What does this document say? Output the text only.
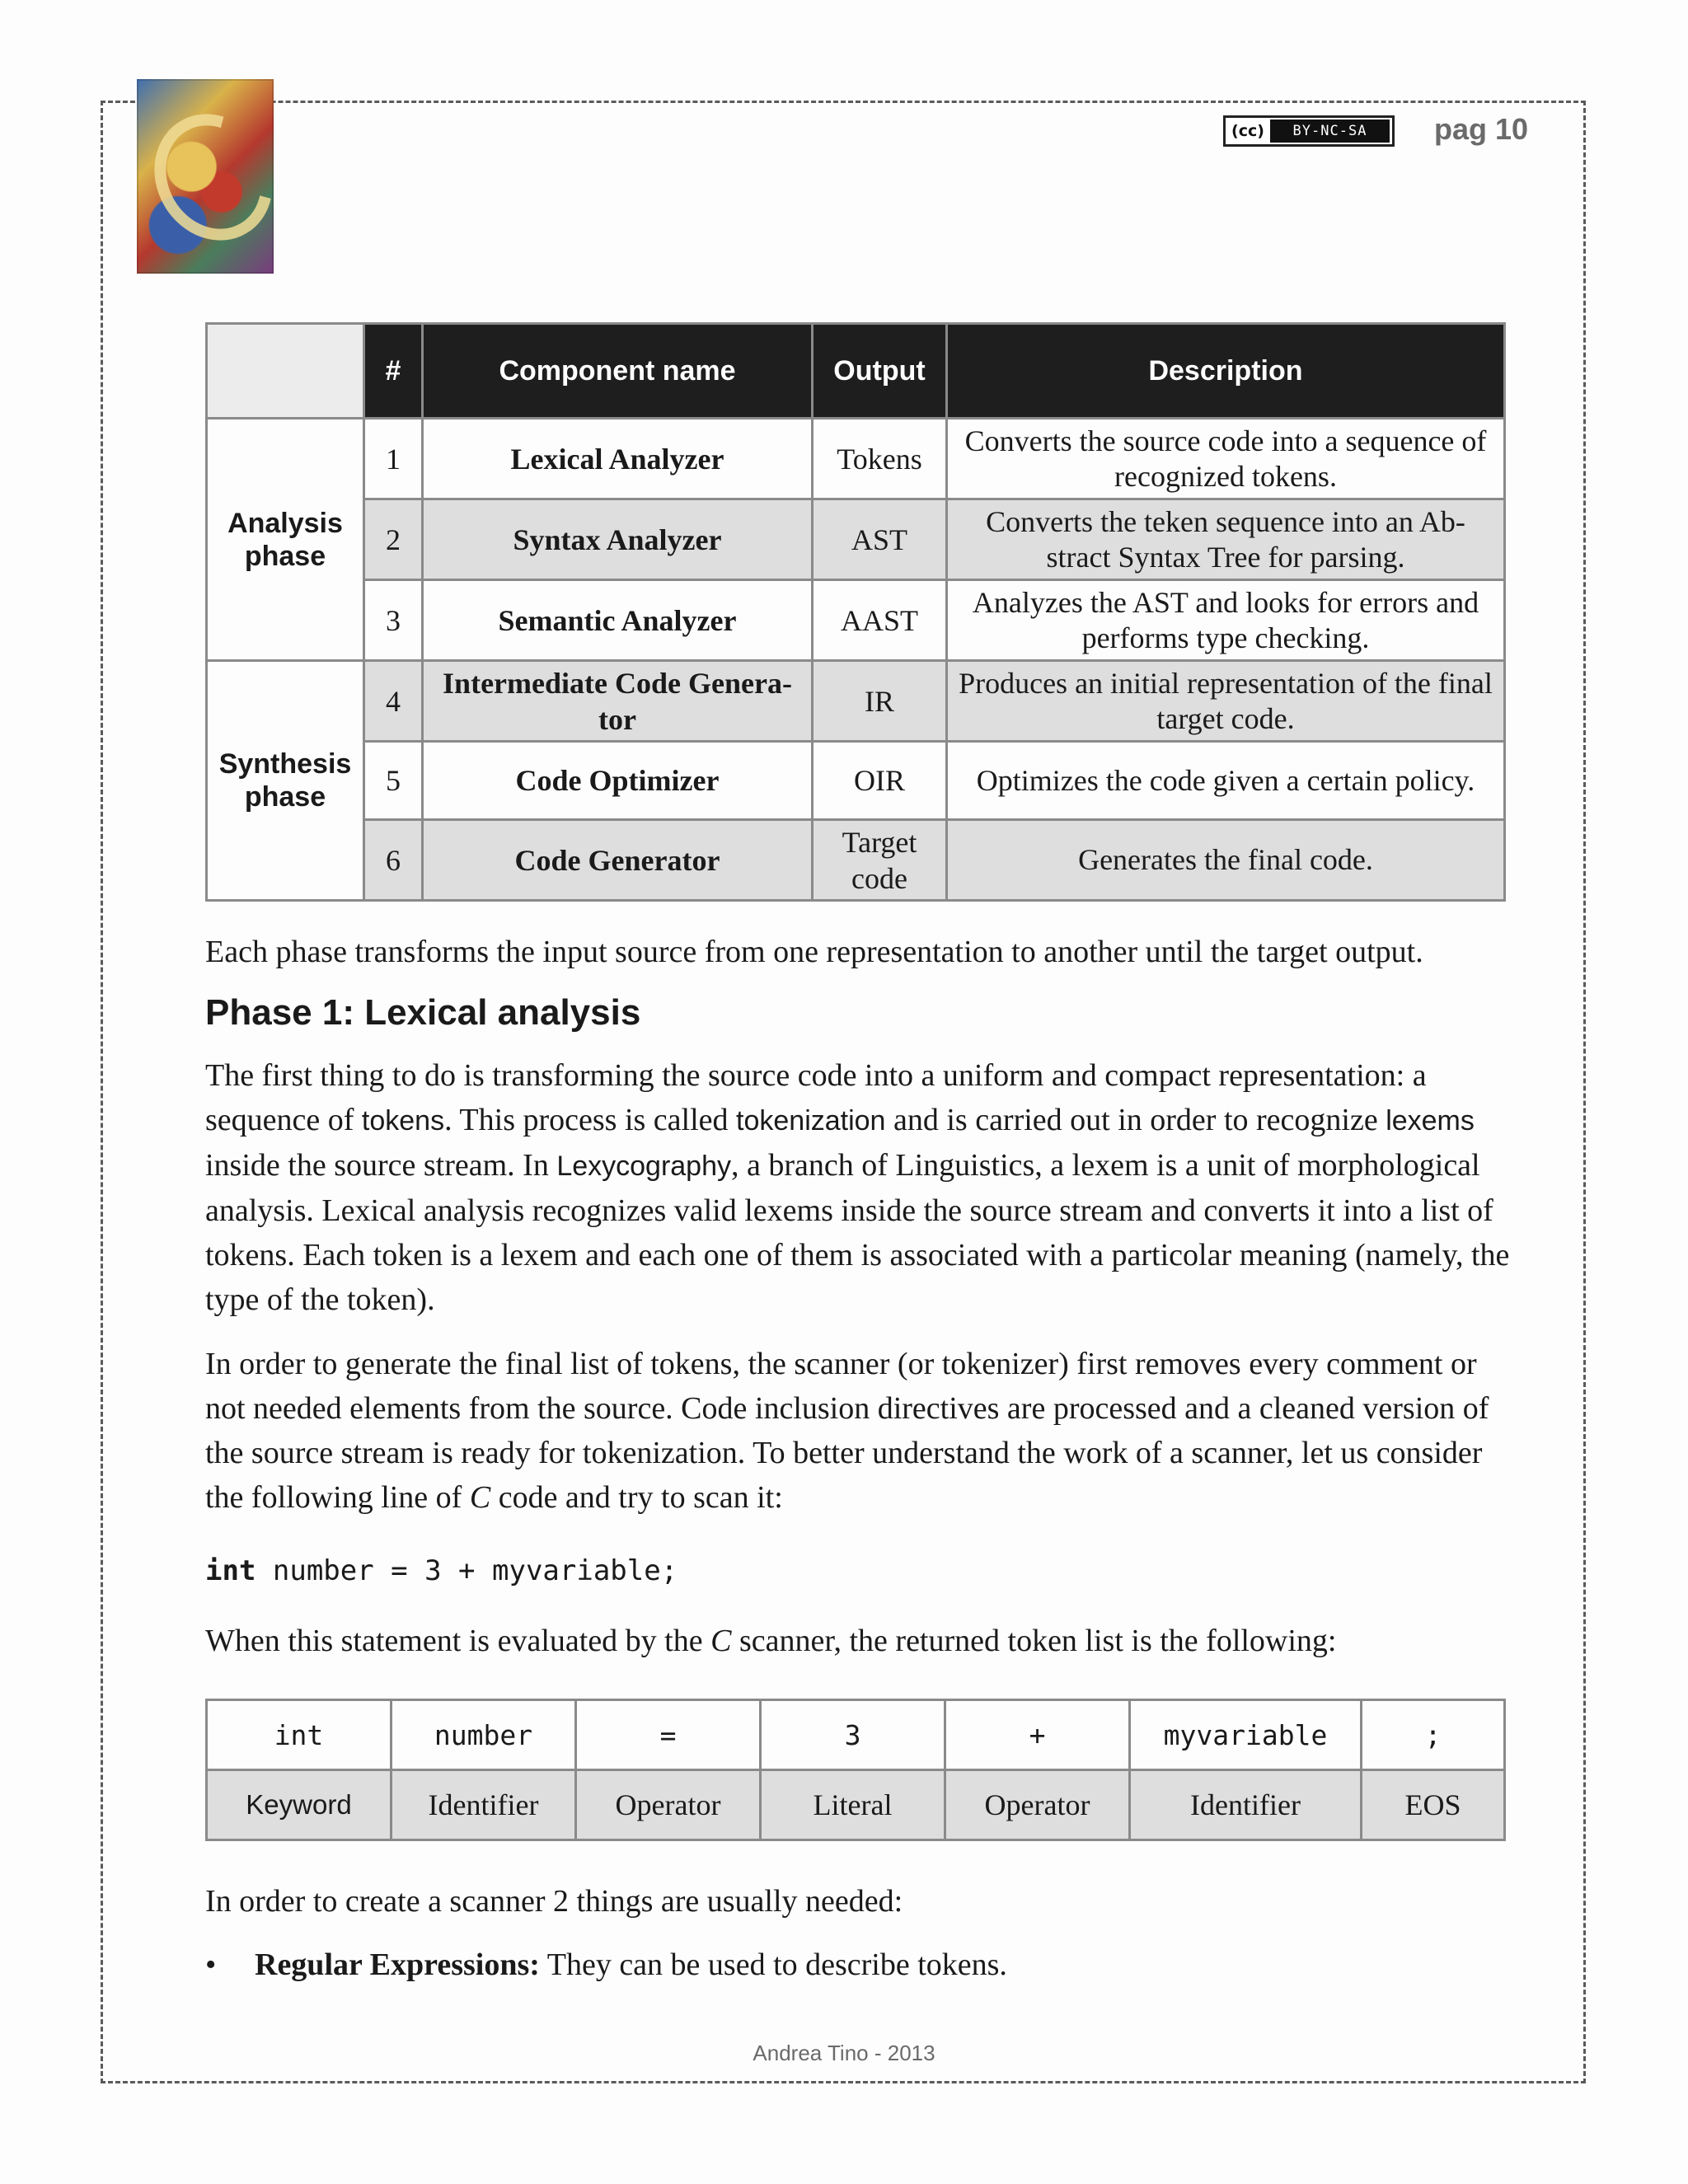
(cc)	BY-NC-SA	pag 10
	#	Component name	Output	Description
Analysis phase	1	Lexical Analyzer	Tokens	Converts the source code into a sequence of recognized tokens.
	2	Syntax Analyzer	AST	Converts the teken sequence into an Ab-stract Syntax Tree for parsing.
	3	Semantic Analyzer	AAST	Analyzes the AST and looks for errors and performs type checking.
Synthesis phase	4	Intermediate Code Genera-tor	IR	Produces an initial representation of the final target code.
	5	Code Optimizer	OIR	Optimizes the code given a certain policy.
	6	Code Generator	Target code	Generates the final code.
Each phase transforms the input source from one representation to another until the target output.
Phase 1: Lexical analysis
The first thing to do is transforming the source code into a uniform and compact representation: a sequence of tokens. This process is called tokenization and is carried out in order to recognize lexems inside the source stream. In Lexycography, a branch of Linguistics, a lexem is a unit of morphological analysis. Lexical analysis recognizes valid lexems inside the source stream and converts it into a list of tokens. Each token is a lexem and each one of them is associated with a particolar meaning (namely, the type of the token).
In order to generate the final list of tokens, the scanner (or tokenizer) first removes every comment or not needed elements from the source. Code inclusion directives are processed and a cleaned version of the source stream is ready for tokenization. To better understand the work of a scanner, let us consider the following line of C code and try to scan it:
int number = 3 + myvariable;
When this statement is evaluated by the C scanner, the returned token list is the following:
int	number	=	3	+	myvariable	;
Keyword	Identifier	Operator	Literal	Operator	Identifier	EOS
In order to create a scanner 2 things are usually needed:
• Regular Expressions: They can be used to describe tokens.
Andrea Tino - 2013
